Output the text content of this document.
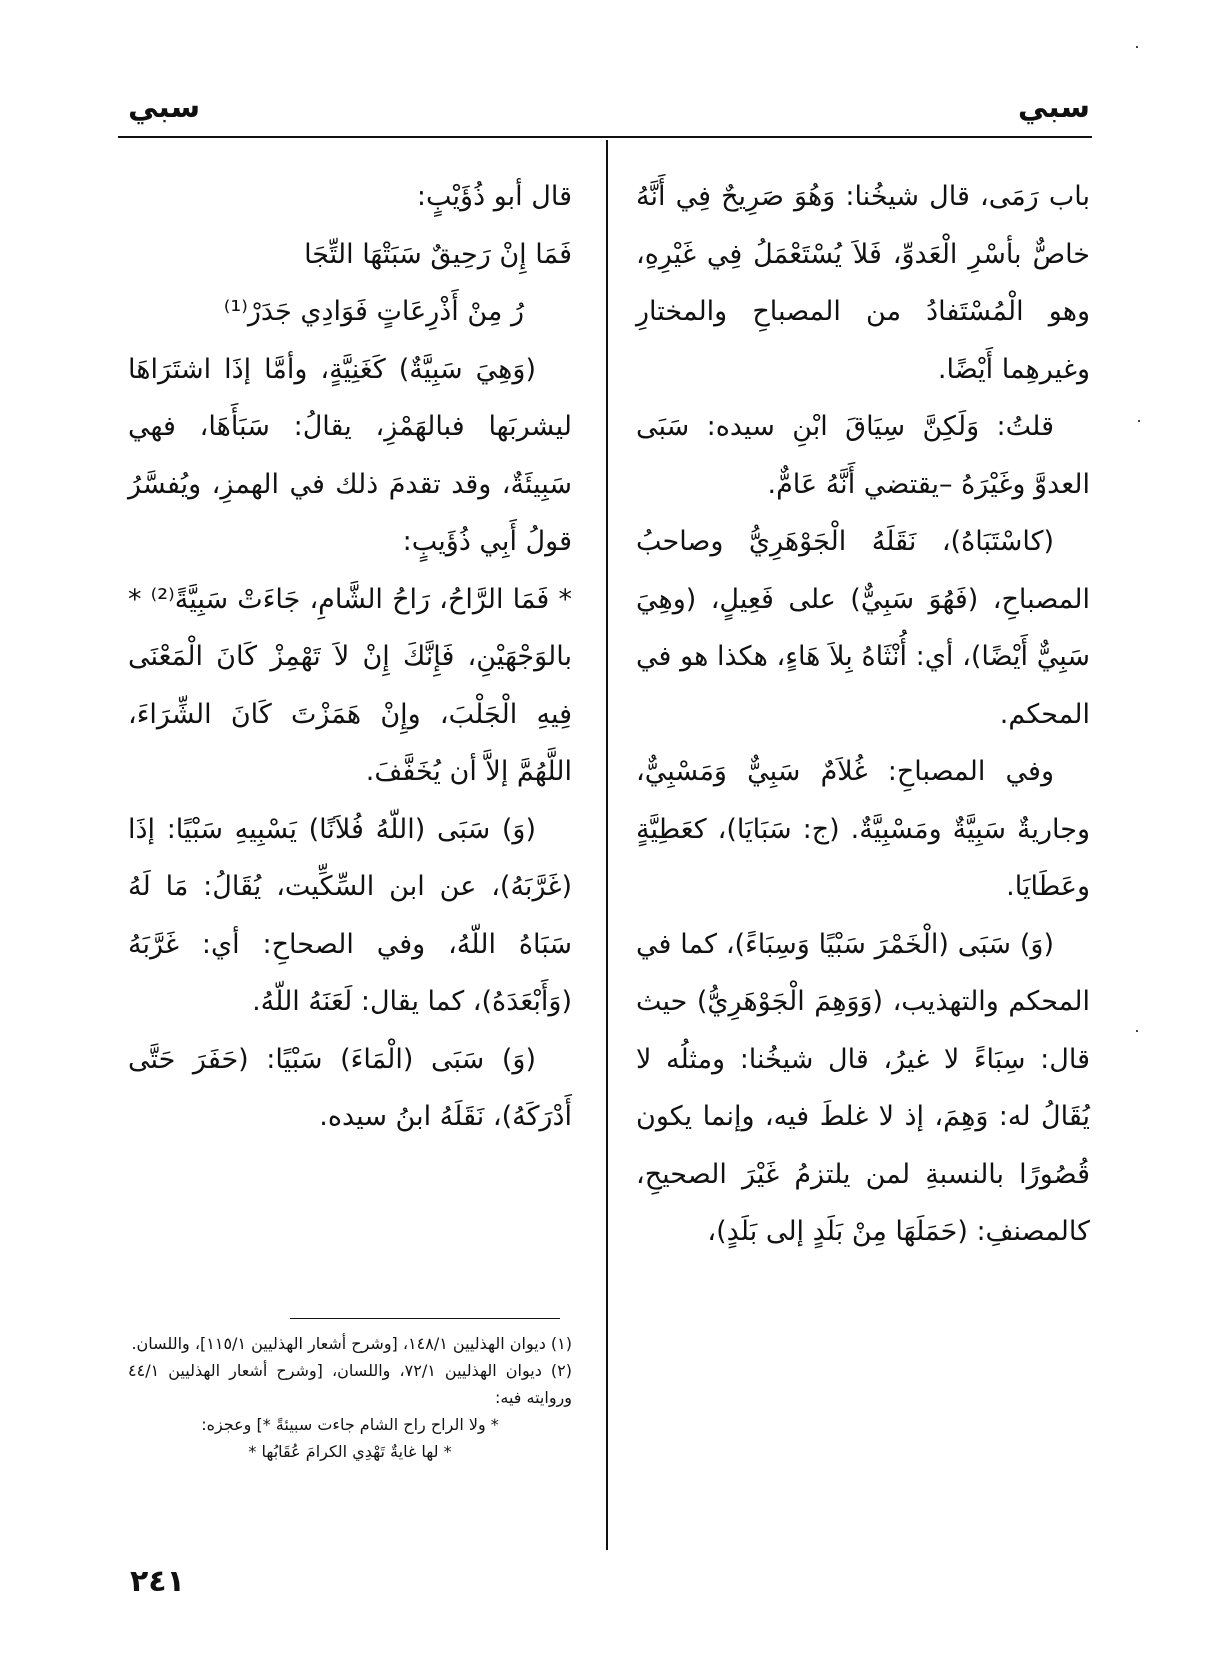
سبي
سبي

باب رَمَى، قال شيخُنا: وَهُوَ صَرِيحٌ فِي أَنَّهُ خاصٌّ بأسْرِ الْعَدوِّ، فَلاَ يُسْتَعْمَلُ فِي غَيْرِهِ، وهو الْمُسْتَفادُ من المصباحِ والمختارِ وغيرهِما أَيْضًا.

قلتُ: وَلَكِنَّ سِيَاقَ ابْنِ سيده: سَبَى العدوَّ وغَيْرَهُ –يقتضي أَنَّهُ عَامٌّ.

(كاسْتَبَاهُ)، نَقَلَهُ الْجَوْهَرِيُّ وصاحبُ المصباحِ، (فَهُوَ سَبِيٌّ) على فَعِيلٍ، (وهِيَ سَبِيٌّ أَيْضًا)، أي: أُنْثَاهُ بِلاَ هَاءٍ، هكذا هو في المحكم.

وفي المصباحِ: غُلاَمٌ سَبِيٌّ وَمَسْبِيٌّ، وجاريةٌ سَبِيَّةٌ ومَسْبِيَّةٌ. (ج: سَبَايَا)، كعَطِيَّةٍ وعَطَايَا.

(وَ) سَبَى (الْخَمْرَ سَبْيًا وَسِبَاءً)، كما في المحكم والتهذيب، (وَوَهِمَ الْجَوْهَرِيُّ) حيث قال: سِبَاءً لا غيرُ، قال شيخُنا: ومثلُه لا يُقَالُ له: وَهِمَ، إذ لا غلطَ فيه، وإنما يكون قُصُورًا بالنسبةِ لمن يلتزمُ غَيْرَ الصحيحِ، كالمصنفِ: (حَمَلَهَا مِنْ بَلَدٍ إلى بَلَدٍ)،

قال أبو ذُؤَيْبٍ:

فَمَا إِنْ رَحِيقٌ سَبَتْهَا التِّجَا

رُ مِنْ أَذْرِعَاتٍ فَوَادِي جَدَرْ⁽¹⁾

(وَهِيَ سَبِيَّةٌ) كَغَنِيَّةٍ، وأمَّا إذَا اشتَرَاهَا ليشربَها فبالهَمْزِ، يقالُ: سَبَأَهَا، فهي سَبِيئَةٌ، وقد تقدمَ ذلك في الهمزِ، ويُفسَّرُ قولُ أَبِي ذُؤَيبٍ:

* فَمَا الرَّاحُ، رَاحُ الشَّامِ، جَاءَتْ سَبِيَّةً⁽²⁾ * بالوَجْهَيْنِ، فَإِنَّكَ إِنْ لاَ تَهْمِزْ كَانَ الْمَعْنَى فِيهِ الْجَلْبَ، وإِنْ هَمَزْتَ كَانَ الشِّرَاءَ، اللَّهُمَّ إلاَّ أن يُخَفَّفَ.

(وَ) سَبَى (اللّهُ فُلاَنًا) يَسْبِيهِ سَبْيًا: إذَا (غَرَّبَهُ)، عن ابن السِّكِّيت، يُقَالُ: مَا لَهُ سَبَاهُ اللّهُ، وفي الصحاحِ: أي: غَرَّبَهُ (وَأَبْعَدَهُ)، كما يقال: لَعَنَهُ اللّهُ.

(وَ) سَبَى (الْمَاءَ) سَبْيًا: (حَفَرَ حَتَّى أَدْرَكَهُ)، نَقَلَهُ ابنُ سيده.

(١) ديوان الهذليين ١٤٨/١، [وشرح أشعار الهذليين ١١٥/١]، واللسان.

(٢) ديوان الهذليين ٧٢/١، واللسان، [وشرح أشعار الهذليين ٤٤/١ وروايته فيه:

* ولا الراح راح الشام جاءت سبيئةً *] وعجزه:

* لها غايةٌ تَهْدِي الكرامَ عُقَابُها *

٢٤١
